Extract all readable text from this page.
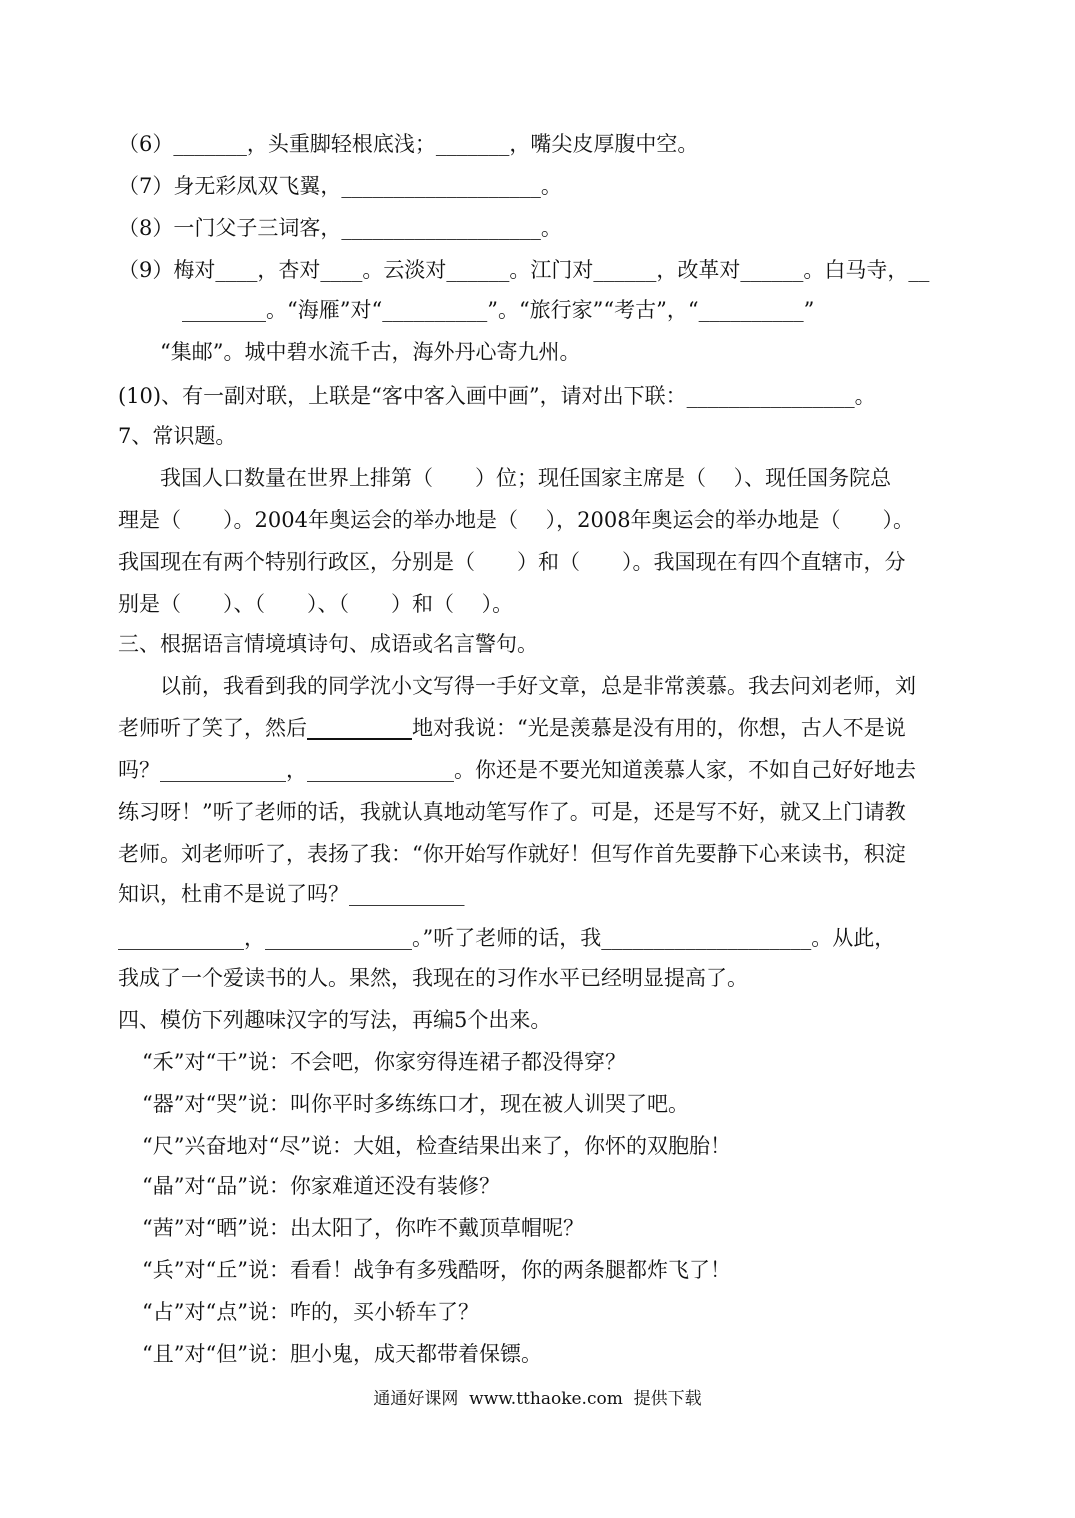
（6）_______，头重脚轻根底浅；_______，嘴尖皮厚腹中空。
（7）身无彩凤双飞翼，___________________。
（8）一门父子三词客，___________________。
（9）梅对____，杏对____。云淡对______。江门对______，改革对______。白马寺，__
________。“海雁”对“__________”。“旅行家”“考古”，“__________”
“集邮”。城中碧水流千古，海外丹心寄九州。
(10)、有一副对联，上联是“客中客入画中画”，请对出下联：________________。
7、常识题。
我国人口数量在世界上排第（　　）位；现任国家主席是（　 ）、现任国务院总
理是（　　）。2004年奥运会的举办地是（　 ），2008年奥运会的举办地是（　　）。
我国现在有两个特别行政区，分别是（　　）和（　　）。我国现在有四个直辖市，分
别是（　　）、（　　）、（　　）和（　 ）。
三、根据语言情境填诗句、成语或名言警句。
以前，我看到我的同学沈小文写得一手好文章，总是非常羡慕。我去问刘老师，刘
老师听了笑了，然后__________地对我说：“光是羡慕是没有用的，你想，古人不是说
吗？____________，______________。你还是不要光知道羡慕人家，不如自己好好地去
练习呀！”听了老师的话，我就认真地动笔写作了。可是，还是写不好，就又上门请教
老师。刘老师听了，表扬了我：“你开始写作就好！但写作首先要静下心来读书，积淀
知识，杜甫不是说了吗？___________
____________，______________。”听了老师的话，我____________________。从此，
我成了一个爱读书的人。果然，我现在的习作水平已经明显提高了。
四、模仿下列趣味汉字的写法，再编5个出来。
“禾”对“干”说：不会吧，你家穷得连裙子都没得穿？
“器”对“哭”说：叫你平时多练练口才，现在被人训哭了吧。
“尺”兴奋地对“尽”说：大姐，检查结果出来了，你怀的双胞胎！
“晶”对“品”说：你家难道还没有装修？
“茜”对“晒”说：出太阳了，你咋不戴顶草帽呢？
“兵”对“丘”说：看看！战争有多残酷呀，你的两条腿都炸飞了！
“占”对“点”说：咋的，买小轿车了？
“且”对“但”说：胆小鬼，成天都带着保镖。
通通好课网  www.tthaoke.com  提供下载
